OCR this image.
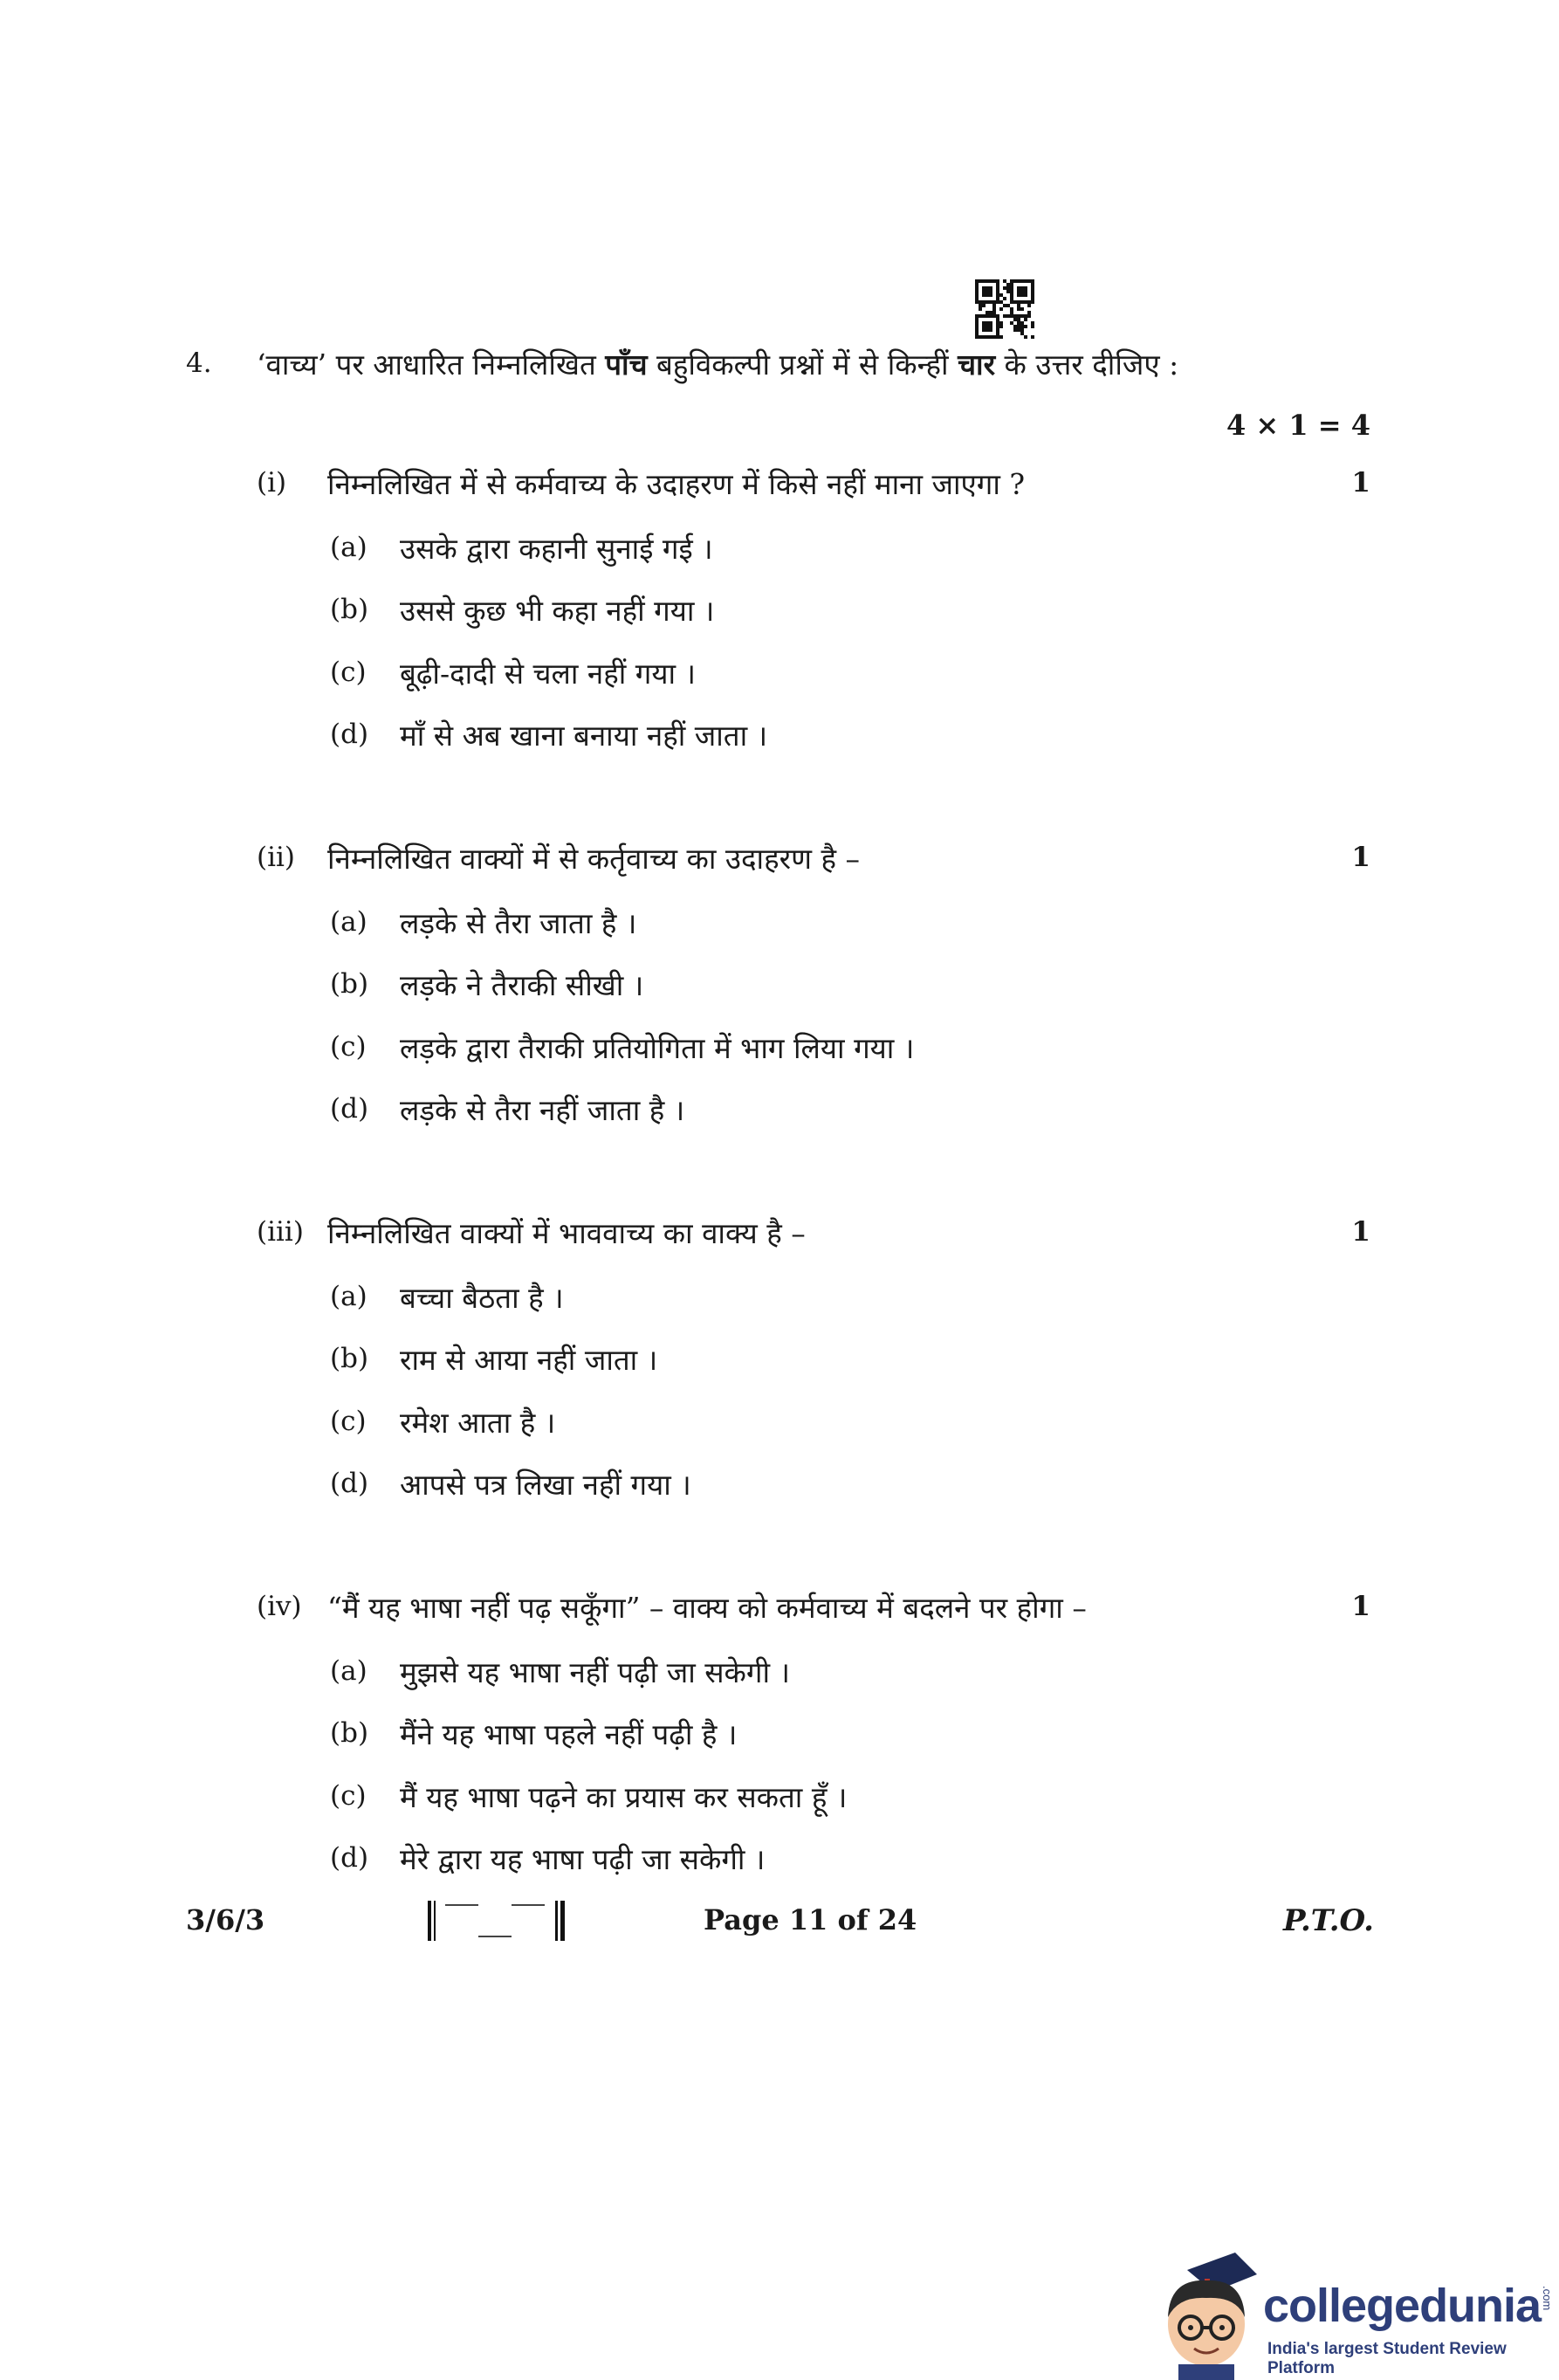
4. ‘वाच्य’ पर आधारित निम्नलिखित पाँच बहुविकल्पी प्रश्नों में से किन्हीं चार के उत्तर दीजिए :
4 × 1 = 4
(i) निम्नलिखित में से कर्मवाच्य के उदाहरण में किसे नहीं माना जाएगा ?	1
(a) उसके द्वारा कहानी सुनाई गई ।
(b) उससे कुछ भी कहा नहीं गया ।
(c) बूढ़ी-दादी से चला नहीं गया ।
(d) माँ से अब खाना बनाया नहीं जाता ।
(ii) निम्नलिखित वाक्यों में से कर्तृवाच्य का उदाहरण है –	1
(a) लड़के से तैरा जाता है ।
(b) लड़के ने तैराकी सीखी ।
(c) लड़के द्वारा तैराकी प्रतियोगिता में भाग लिया गया ।
(d) लड़के से तैरा नहीं जाता है ।
(iii) निम्नलिखित वाक्यों में भाववाच्य का वाक्य है –	1
(a) बच्चा बैठता है ।
(b) राम से आया नहीं जाता ।
(c) रमेश आता है ।
(d) आपसे पत्र लिखा नहीं गया ।
(iv) “मैं यह भाषा नहीं पढ़ सकूँगा” – वाक्य को कर्मवाच्य में बदलने पर होगा –	1
(a) मुझसे यह भाषा नहीं पढ़ी जा सकेगी ।
(b) मैंने यह भाषा पहले नहीं पढ़ी है ।
(c) मैं यह भाषा पढ़ने का प्रयास कर सकता हूँ ।
(d) मेरे द्वारा यह भाषा पढ़ी जा सकेगी ।
3/6/3	Page 11 of 24	P.T.O.
collegedunia .com
India's largest Student Review Platform
